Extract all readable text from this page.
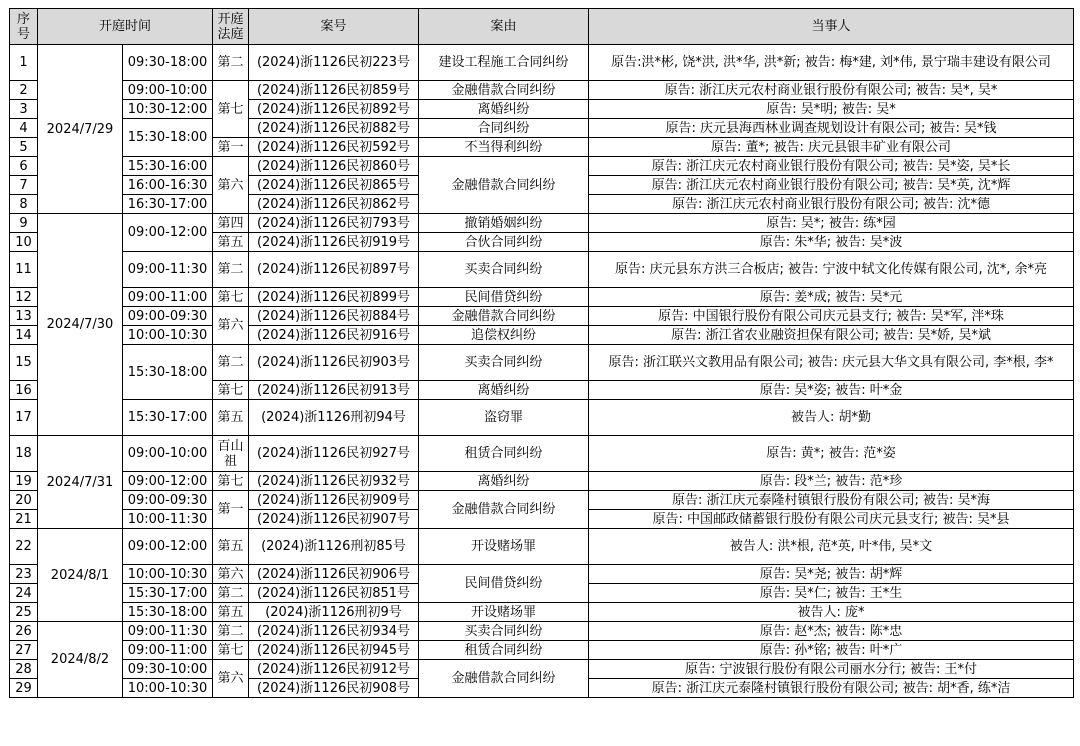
序号	开庭时间		开庭法庭	案号	案由	当事人
1	2024/7/29	09:30-18:00	第二	(2024)浙1126民初223号	建设工程施工合同纠纷	原告:洪*彬, 饶*洪, 洪*华, 洪*新; 被告: 梅*建, 刘*伟, 景宁瑞丰建设有限公司
2		09:00-10:00	第七	(2024)浙1126民初859号	金融借款合同纠纷	原告: 浙江庆元农村商业银行股份有限公司; 被告: 吴*, 吴*
3		10:30-12:00		(2024)浙1126民初892号	离婚纠纷	原告: 吴*明; 被告: 吴*
4		15:30-18:00		(2024)浙1126民初882号	合同纠纷	原告: 庆元县海西林业调查规划设计有限公司; 被告: 吴*钱
5			第一	(2024)浙1126民初592号	不当得利纠纷	原告: 董*; 被告: 庆元县银丰矿业有限公司
6		15:30-16:00	第六	(2024)浙1126民初860号	金融借款合同纠纷	原告: 浙江庆元农村商业银行股份有限公司; 被告: 吴*姿, 吴*长
7		16:00-16:30		(2024)浙1126民初865号		原告: 浙江庆元农村商业银行股份有限公司; 被告: 吴*英, 沈*辉
8		16:30-17:00		(2024)浙1126民初862号		原告: 浙江庆元农村商业银行股份有限公司; 被告: 沈*德
9	2024/7/30	09:00-12:00	第四	(2024)浙1126民初793号	撤销婚姻纠纷	原告: 吴*; 被告: 练*园
10			第五	(2024)浙1126民初919号	合伙合同纠纷	原告: 朱*华; 被告: 吴*波
11		09:00-11:30	第二	(2024)浙1126民初897号	买卖合同纠纷	原告: 庆元县东方洪三合板店; 被告: 宁波中轼文化传媒有限公司, 沈*, 余*亮
12		09:00-11:00	第七	(2024)浙1126民初899号	民间借贷纠纷	原告: 姜*成; 被告: 吴*元
13		09:00-09:30	第六	(2024)浙1126民初884号	金融借款合同纠纷	原告: 中国银行股份有限公司庆元县支行; 被告: 吴*军, 泮*珠
14		10:00-10:30		(2024)浙1126民初916号	追偿权纠纷	原告: 浙江省农业融资担保有限公司; 被告: 吴*娇, 吴*斌
15		15:30-18:00	第二	(2024)浙1126民初903号	买卖合同纠纷	原告: 浙江联兴文教用品有限公司; 被告: 庆元县大华文具有限公司, 李*根, 李*
16			第七	(2024)浙1126民初913号	离婚纠纷	原告: 吴*姿; 被告: 叶*金
17		15:30-17:00	第五	(2024)浙1126刑初94号	盗窃罪	被告人: 胡*勤
18	2024/7/31	09:00-10:00	百山祖	(2024)浙1126民初927号	租赁合同纠纷	原告: 黄*; 被告: 范*姿
19		09:00-12:00	第七	(2024)浙1126民初932号	离婚纠纷	原告: 段*兰; 被告: 范*珍
20		09:00-09:30	第一	(2024)浙1126民初909号	金融借款合同纠纷	原告: 浙江庆元泰隆村镇银行股份有限公司; 被告: 吴*海
21		10:00-11:30		(2024)浙1126民初907号		原告: 中国邮政储蓄银行股份有限公司庆元县支行; 被告: 吴*县
22	2024/8/1	09:00-12:00	第五	(2024)浙1126刑初85号	开设赌场罪	被告人: 洪*根, 范*英, 叶*伟, 吴*文
23		10:00-10:30	第六	(2024)浙1126民初906号	民间借贷纠纷	原告: 吴*尧; 被告: 胡*辉
24		15:30-17:00	第二	(2024)浙1126民初851号		原告: 吴*仁; 被告: 王*生
25		15:30-18:00	第五	(2024)浙1126刑初9号	开设赌场罪	被告人: 庞*
26	2024/8/2	09:00-11:30	第二	(2024)浙1126民初934号	买卖合同纠纷	原告: 赵*杰; 被告: 陈*忠
27		09:00-11:00	第七	(2024)浙1126民初945号	租赁合同纠纷	原告: 孙*铭; 被告: 叶*广
28		09:30-10:00	第六	(2024)浙1126民初912号	金融借款合同纠纷	原告: 宁波银行股份有限公司丽水分行; 被告: 王*付
29		10:00-10:30		(2024)浙1126民初908号		原告: 浙江庆元泰隆村镇银行股份有限公司; 被告: 胡*香, 练*洁
